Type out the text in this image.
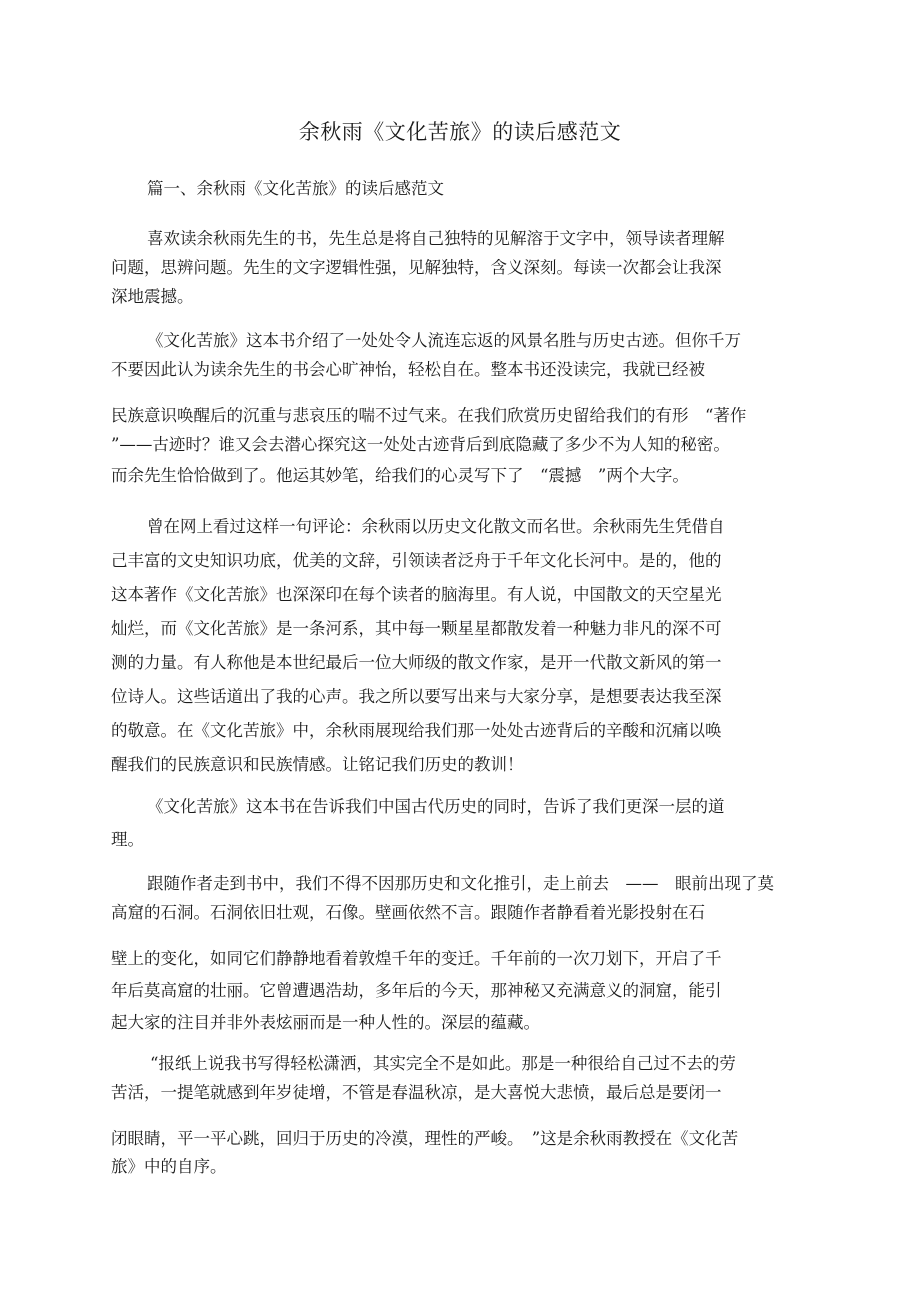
余秋雨《文化苦旅》的读后感范文
篇一、余秋雨《文化苦旅》的读后感范文
喜欢读余秋雨先生的书，先生总是将自己独特的见解溶于文字中，领导读者理解
问题，思辨问题。先生的文字逻辑性强，见解独特，含义深刻。每读一次都会让我深
深地震撼。
《文化苦旅》这本书介绍了一处处令人流连忘返的风景名胜与历史古迹。但你千万
不要因此认为读余先生的书会心旷神怡，轻松自在。整本书还没读完，我就已经被
民族意识唤醒后的沉重与悲哀压的喘不过气来。在我们欣赏历史留给我们的有形　“著作
”——古迹时？谁又会去潜心探究这一处处古迹背后到底隐藏了多少不为人知的秘密。
而余先生恰恰做到了。他运其妙笔，给我们的心灵写下了　“震撼　”两个大字。
曾在网上看过这样一句评论：余秋雨以历史文化散文而名世。余秋雨先生凭借自
己丰富的文史知识功底，优美的文辞，引领读者泛舟于千年文化长河中。是的，他的
这本著作《文化苦旅》也深深印在每个读者的脑海里。有人说，中国散文的天空星光
灿烂，而《文化苦旅》是一条河系，其中每一颗星星都散发着一种魅力非凡的深不可
测的力量。有人称他是本世纪最后一位大师级的散文作家，是开一代散文新风的第一
位诗人。这些话道出了我的心声。我之所以要写出来与大家分享，是想要表达我至深
的敬意。在《文化苦旅》中，余秋雨展现给我们那一处处古迹背后的辛酸和沉痛以唤
醒我们的民族意识和民族情感。让铭记我们历史的教训！
《文化苦旅》这本书在告诉我们中国古代历史的同时，告诉了我们更深一层的道
理。
跟随作者走到书中，我们不得不因那历史和文化推引，走上前去　——　眼前出现了莫
高窟的石洞。石洞依旧壮观，石像。壁画依然不言。跟随作者静看着光影投射在石
壁上的变化，如同它们静静地看着敦煌千年的变迁。千年前的一次刀划下，开启了千
年后莫高窟的壮丽。它曾遭遇浩劫，多年后的今天，那神秘又充满意义的洞窟，能引
起大家的注目并非外表炫丽而是一种人性的。深层的蕴藏。
“报纸上说我书写得轻松潇洒，其实完全不是如此。那是一种很给自己过不去的劳
苦活，一提笔就感到年岁徒增，不管是春温秋凉，是大喜悦大悲愤，最后总是要闭一
闭眼睛，平一平心跳，回归于历史的冷漠，理性的严峻。　”这是余秋雨教授在《文化苦
旅》中的自序。
